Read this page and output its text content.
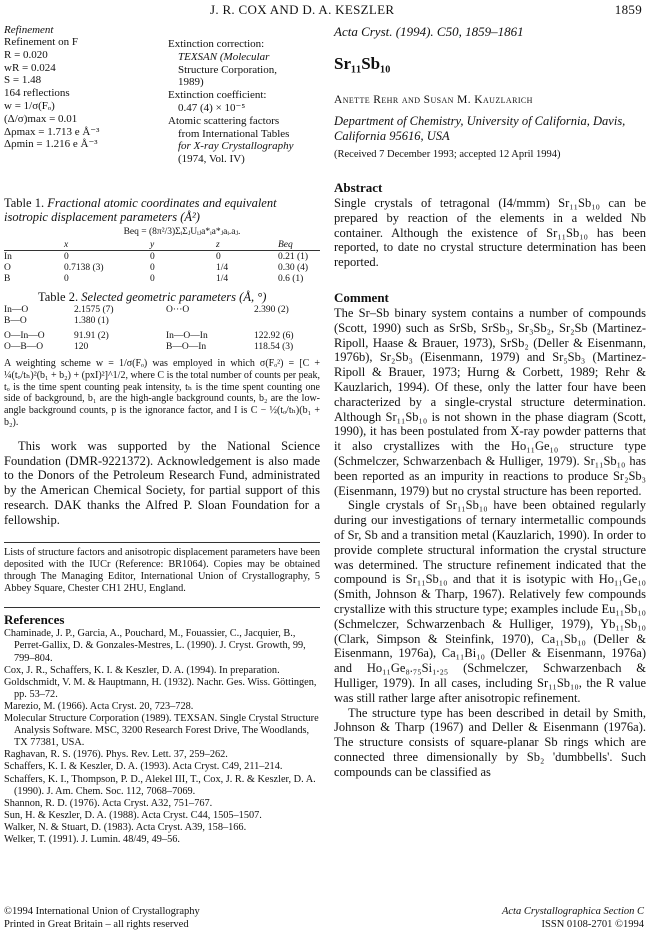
J. R. COX AND D. A. KESZLER	1859
Refinement
Refinement on F
R = 0.020
wR = 0.024
S = 1.48
164 reflections
w = 1/σ(Fₒ)
(Δ/σ)max = 0.01
Δρmax = 1.713 e Å⁻³
Δρmin = 1.216 e Å⁻³
Extinction correction:
TEXSAN (Molecular
Structure Corporation,
1989)
Extinction coefficient:
0.47 (4) × 10⁻⁵
Atomic scattering factors
from International Tables
for X-ray Crystallography
(1974, Vol. IV)
Table 1. Fractional atomic coordinates and equivalent isotropic displacement parameters (Å²)
Beq = (8π²/3)ΣᵢΣⱼUᵢⱼa*ᵢa*ⱼaᵢ.aⱼ.
	x	y	z	Beq
In	0	0	0	0.21 (1)
O	0.7138 (3)	0	1/4	0.30 (4)
B	0	0	1/4	0.6 (1)
Table 2. Selected geometric parameters (Å, °)
In—O	2.1575 (7)	O···O	2.390 (2)
B—O	1.380 (1)		
O—In—O	91.91 (2)	In—O—In	122.92 (6)
O—B—O	120	B—O—In	118.54 (3)
A weighting scheme w = 1/σ(Fₒ) was employed in which σ(Fₒ²) = [C + ¼(tₒ/tₕ)²(b₁ + b₂) + (pxI)²]^1/2, where C is the total number of counts per peak, tₒ is the time spent counting peak intensity, tₕ is the time spent counting one side of background, b₁ are the high-angle background counts, b₂ are the low-angle background counts, p is the ignorance factor, and I is C − ½(tₒ/tₕ)(b₁ + b₂).
This work was supported by the National Science Foundation (DMR-9221372). Acknowledgement is also made to the Donors of the Petroleum Research Fund, administrated by the American Chemical Society, for partial support of this research. DAK thanks the Alfred P. Sloan Foundation for a fellowship.
Lists of structure factors and anisotropic displacement parameters have been deposited with the IUCr (Reference: BR1064). Copies may be obtained through The Managing Editor, International Union of Crystallography, 5 Abbey Square, Chester CH1 2HU, England.
References
Chaminade, J. P., Garcia, A., Pouchard, M., Fouassier, C., Jacquier, B., Perret-Gallix, D. & Gonzales-Mestres, L. (1990). J. Cryst. Growth, 99, 799–804.
Cox, J. R., Schaffers, K. I. & Keszler, D. A. (1994). In preparation.
Goldschmidt, V. M. & Hauptmann, H. (1932). Nachr. Ges. Wiss. Göttingen, pp. 53–72.
Marezio, M. (1966). Acta Cryst. 20, 723–728.
Molecular Structure Corporation (1989). TEXSAN. Single Crystal Structure Analysis Software. MSC, 3200 Research Forest Drive, The Woodlands, TX 77381, USA.
Raghavan, R. S. (1976). Phys. Rev. Lett. 37, 259–262.
Schaffers, K. I. & Keszler, D. A. (1993). Acta Cryst. C49, 211–214.
Schaffers, K. I., Thompson, P. D., Alekel III, T., Cox, J. R. & Keszler, D. A. (1990). J. Am. Chem. Soc. 112, 7068–7069.
Shannon, R. D. (1976). Acta Cryst. A32, 751–767.
Sun, H. & Keszler, D. A. (1988). Acta Cryst. C44, 1505–1507.
Walker, N. & Stuart, D. (1983). Acta Cryst. A39, 158–166.
Welker, T. (1991). J. Lumin. 48/49, 49–56.
Acta Cryst. (1994). C50, 1859–1861
Sr₁₁Sb₁₀
Anette Rehr and Susan M. Kauzlarich
Department of Chemistry, University of California, Davis, California 95616, USA
(Received 7 December 1993; accepted 12 April 1994)
Abstract

Single crystals of tetragonal (I4/mmm) Sr₁₁Sb₁₀ can be prepared by reaction of the elements in a welded Nb container. Although the existence of Sr₁₁Sb₁₀ has been reported, to date no crystal structure determination has been reported.

Comment

The Sr–Sb binary system contains a number of compounds (Scott, 1990) such as SrSb, SrSb₃, Sr₃Sb₂, Sr₂Sb (Martinez-Ripoll, Haase & Brauer, 1973), SrSb₂ (Deller & Eisenmann, 1976b), Sr₂Sb₃ (Eisenmann, 1979) and Sr₅Sb₃ (Martinez-Ripoll & Brauer, 1973; Hurng & Corbett, 1989; Rehr & Kauzlarich, 1994). Of these, only the latter four have been characterized by a single-crystal structure determination. Although Sr₁₁Sb₁₀ is not shown in the phase diagram (Scott, 1990), it has been postulated from X-ray powder patterns that it also crystallizes with the Ho₁₁Ge₁₀ structure type (Schmelczer, Schwarzenbach & Hulliger, 1979). Sr₁₁Sb₁₀ has been reported as an impurity in reactions to produce Sr₂Sb₃ (Eisenmann, 1979) but no crystal structure has been reported.

Single crystals of Sr₁₁Sb₁₀ have been obtained regularly during our investigations of ternary intermetallic compounds of Sr, Sb and a transition metal (Kauzlarich, 1990). In order to provide complete structural information the crystal structure was determined. The structure refinement indicated that the compound is Sr₁₁Sb₁₀ and that it is isotypic with Ho₁₁Ge₁₀ (Smith, Johnson & Tharp, 1967). Relatively few compounds crystallize with this structure type; examples include Eu₁₁Sb₁₀ (Schmelczer, Schwarzenbach & Hulliger, 1979), Yb₁₁Sb₁₀ (Clark, Simpson & Steinfink, 1970), Ca₁₁Sb₁₀ (Deller & Eisenmann, 1976a), Ca₁₁Bi₁₀ (Deller & Eisenmann, 1976a) and Ho₁₁Ge₈.₇₅Si₁.₂₅ (Schmelczer, Schwarzenbach & Hulliger, 1979). In all cases, including Sr₁₁Sb₁₀, the R value was still rather large after anisotropic refinement.

The structure type has been described in detail by Smith, Johnson & Tharp (1967) and Deller & Eisenmann (1976a). The structure consists of square-planar Sb rings which are connected three dimensionally by Sb₂ 'dumbbells'. Such compounds can be classified as

©1994 International Union of Crystallography
Printed in Great Britain – all rights reserved
Acta Crystallographica Section C
ISSN 0108-2701 ©1994
